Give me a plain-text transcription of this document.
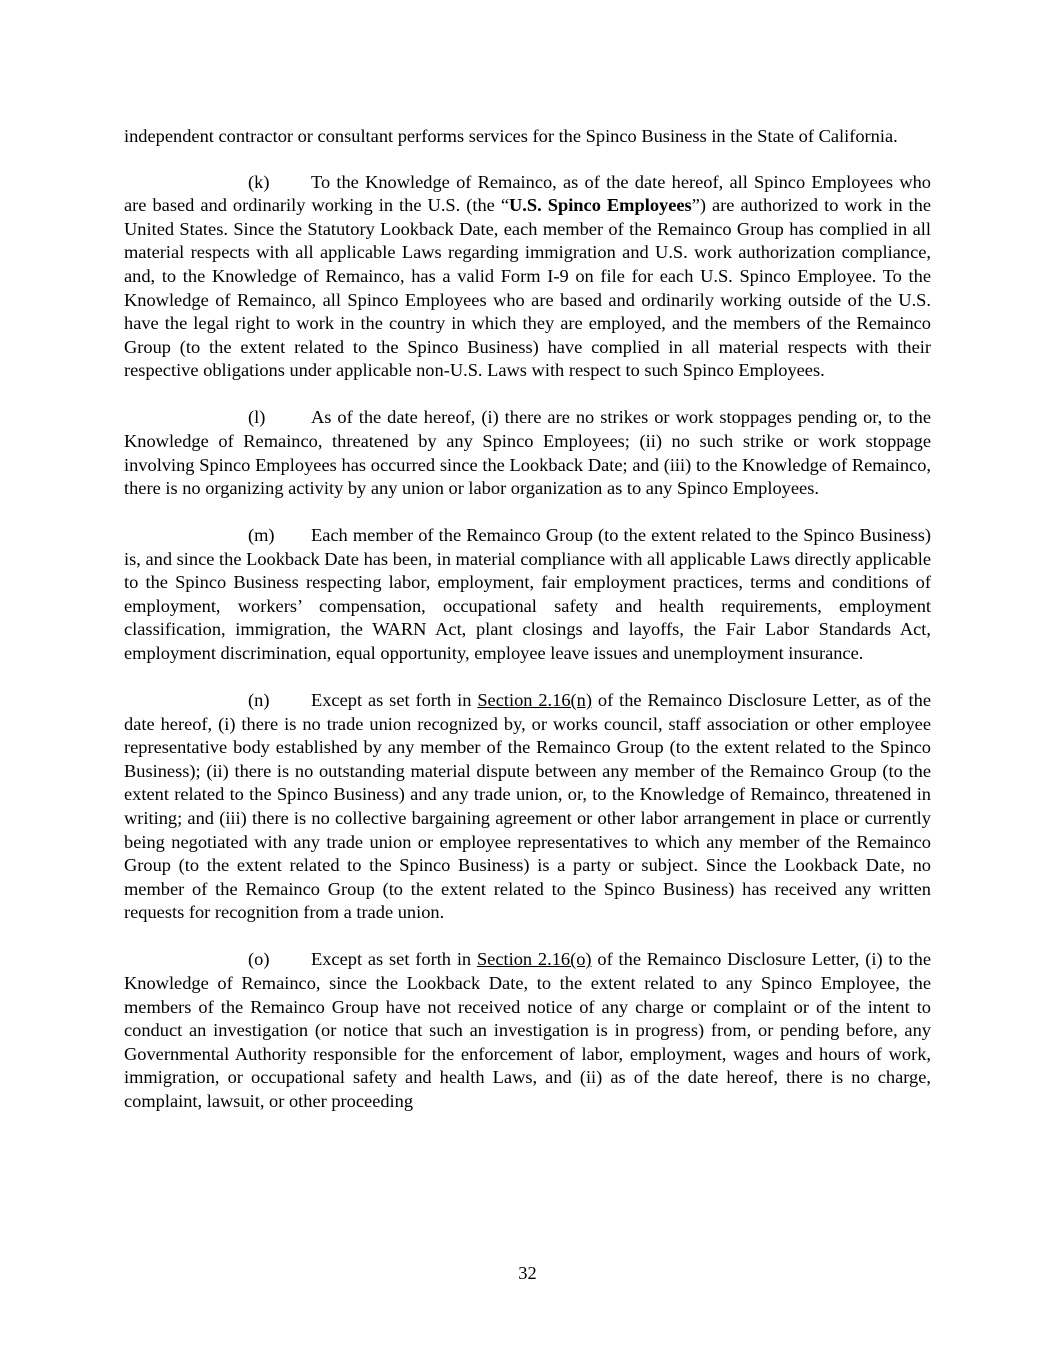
independent contractor or consultant performs services for the Spinco Business in the State of California.

(k) To the Knowledge of Remainco, as of the date hereof, all Spinco Employees who are based and ordinarily working in the U.S. (the “U.S. Spinco Employees”) are authorized to work in the United States. Since the Statutory Lookback Date, each member of the Remainco Group has complied in all material respects with all applicable Laws regarding immigration and U.S. work authorization compliance, and, to the Knowledge of Remainco, has a valid Form I-9 on file for each U.S. Spinco Employee. To the Knowledge of Remainco, all Spinco Employees who are based and ordinarily working outside of the U.S. have the legal right to work in the country in which they are employed, and the members of the Remainco Group (to the extent related to the Spinco Business) have complied in all material respects with their respective obligations under applicable non-U.S. Laws with respect to such Spinco Employees.

(l) As of the date hereof, (i) there are no strikes or work stoppages pending or, to the Knowledge of Remainco, threatened by any Spinco Employees; (ii) no such strike or work stoppage involving Spinco Employees has occurred since the Lookback Date; and (iii) to the Knowledge of Remainco, there is no organizing activity by any union or labor organization as to any Spinco Employees.

(m) Each member of the Remainco Group (to the extent related to the Spinco Business) is, and since the Lookback Date has been, in material compliance with all applicable Laws directly applicable to the Spinco Business respecting labor, employment, fair employment practices, terms and conditions of employment, workers’ compensation, occupational safety and health requirements, employment classification, immigration, the WARN Act, plant closings and layoffs, the Fair Labor Standards Act, employment discrimination, equal opportunity, employee leave issues and unemployment insurance.

(n) Except as set forth in Section 2.16(n) of the Remainco Disclosure Letter, as of the date hereof, (i) there is no trade union recognized by, or works council, staff association or other employee representative body established by any member of the Remainco Group (to the extent related to the Spinco Business); (ii) there is no outstanding material dispute between any member of the Remainco Group (to the extent related to the Spinco Business) and any trade union, or, to the Knowledge of Remainco, threatened in writing; and (iii) there is no collective bargaining agreement or other labor arrangement in place or currently being negotiated with any trade union or employee representatives to which any member of the Remainco Group (to the extent related to the Spinco Business) is a party or subject. Since the Lookback Date, no member of the Remainco Group (to the extent related to the Spinco Business) has received any written requests for recognition from a trade union.

(o) Except as set forth in Section 2.16(o) of the Remainco Disclosure Letter, (i) to the Knowledge of Remainco, since the Lookback Date, to the extent related to any Spinco Employee, the members of the Remainco Group have not received notice of any charge or complaint or of the intent to conduct an investigation (or notice that such an investigation is in progress) from, or pending before, any Governmental Authority responsible for the enforcement of labor, employment, wages and hours of work, immigration, or occupational safety and health Laws, and (ii) as of the date hereof, there is no charge, complaint, lawsuit, or other proceeding

32
